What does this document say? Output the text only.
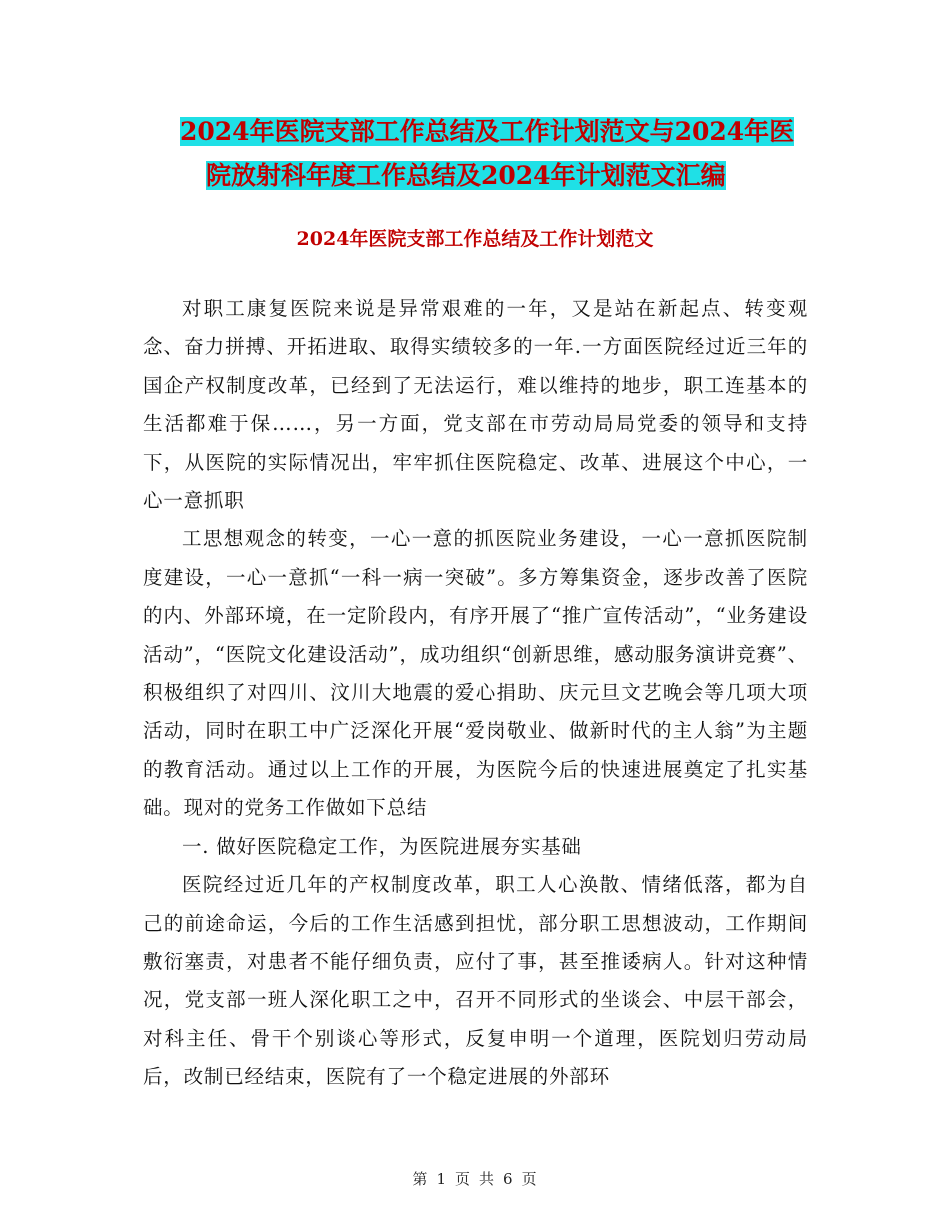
2024年医院支部工作总结及工作计划范文与2024年医
院放射科年度工作总结及2024年计划范文汇编
2024年医院支部工作总结及工作计划范文

对职工康复医院来说是异常艰难的一年，又是站在新起点、转变观念、奋力拼搏、开拓进取、取得实绩较多的一年.一方面医院经过近三年的国企产权制度改革，已经到了无法运行，难以维持的地步，职工连基本的生活都难于保……，另一方面，党支部在市劳动局局党委的领导和支持下，从医院的实际情况出，牢牢抓住医院稳定、改革、进展这个中心，一心一意抓职

工思想观念的转变，一心一意的抓医院业务建设，一心一意抓医院制度建设，一心一意抓“一科一病一突破”。多方筹集资金，逐步改善了医院的内、外部环境，在一定阶段内，有序开展了“推广宣传活动”，“业务建设活动”，“医院文化建设活动”，成功组织“创新思维，感动服务演讲竞赛”、积极组织了对四川、汶川大地震的爱心捐助、庆元旦文艺晚会等几项大项活动，同时在职工中广泛深化开展“爱岗敬业、做新时代的主人翁”为主题的教育活动。通过以上工作的开展，为医院今后的快速进展奠定了扎实基础。现对的党务工作做如下总结

一. 做好医院稳定工作，为医院进展夯实基础

医院经过近几年的产权制度改革，职工人心涣散、情绪低落，都为自己的前途命运，今后的工作生活感到担忧，部分职工思想波动，工作期间敷衍塞责，对患者不能仔细负责，应付了事，甚至推诿病人。针对这种情况，党支部一班人深化职工之中，召开不同形式的坐谈会、中层干部会，对科主任、骨干个别谈心等形式，反复申明一个道理，医院划归劳动局后，改制已经结束，医院有了一个稳定进展的外部环

第 1 页 共 6 页
